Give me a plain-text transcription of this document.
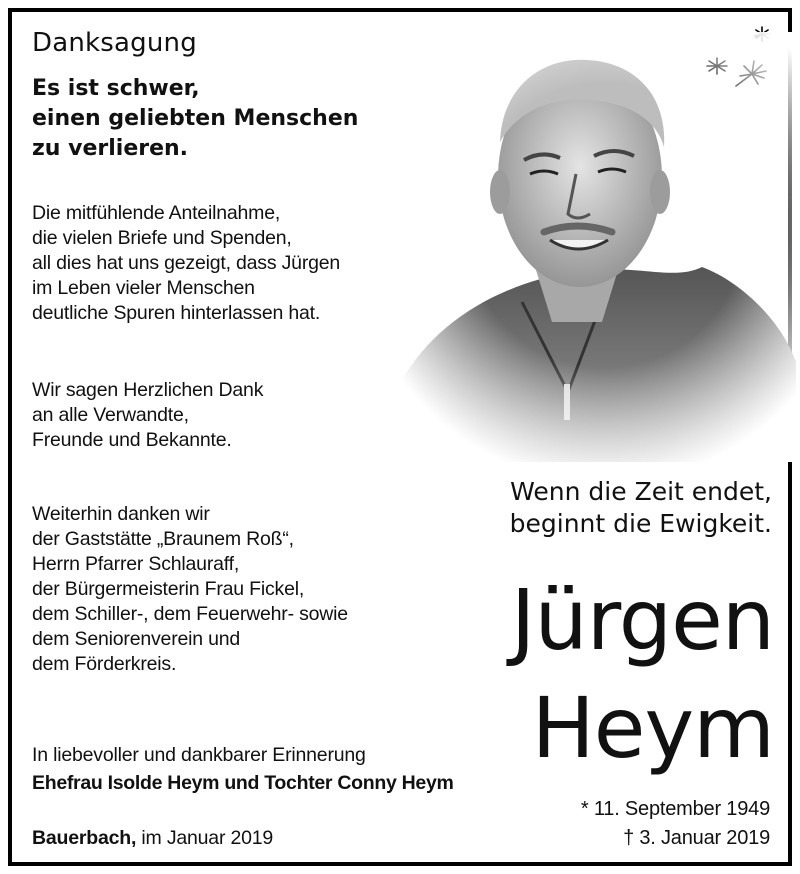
Danksagung
Es ist schwer,
einen geliebten Menschen
zu verlieren.
Die mitfühlende Anteilnahme,
die vielen Briefe und Spenden,
all dies hat uns gezeigt, dass Jürgen
im Leben vieler Menschen
deutliche Spuren hinterlassen hat.
Wir sagen Herzlichen Dank
an alle Verwandte,
Freunde und Bekannte.
Weiterhin danken wir
der Gaststätte „Braunem Roß“,
Herrn Pfarrer Schlauraff,
der Bürgermeisterin Frau Fickel,
dem Schiller-, dem Feuerwehr- sowie
dem Seniorenverein und
dem Förderkreis.
In liebevoller und dankbarer Erinnerung
Ehefrau Isolde Heym und Tochter Conny Heym
Bauerbach, im Januar 2019
Wenn die Zeit endet,
beginnt die Ewigkeit.
Jürgen
Heym
* 11. September 1949
† 3. Januar 2019
